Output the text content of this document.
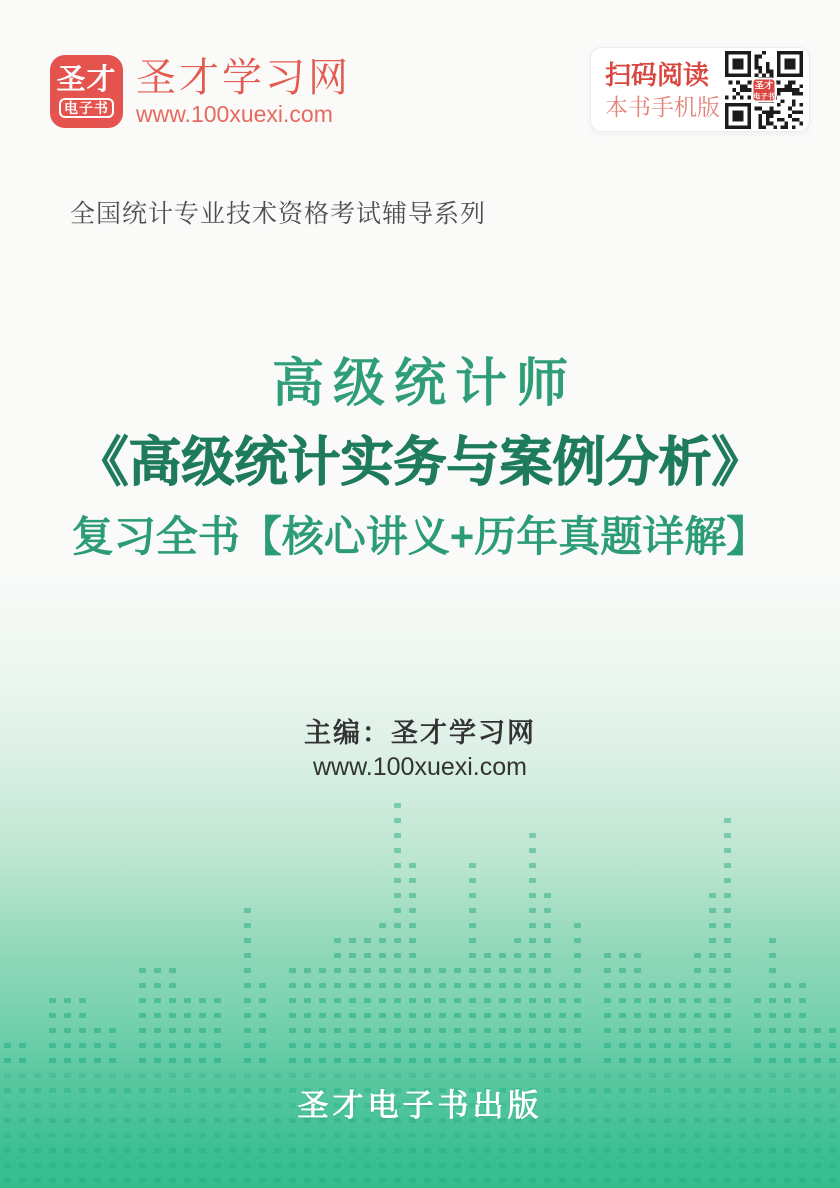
圣才
电子书
圣才学习网
www.100xuexi.com
扫码阅读
本书手机版
圣才
电子书
全国统计专业技术资格考试辅导系列
高级统计师
《高级统计实务与案例分析》
复习全书【核心讲义+历年真题详解】
主编：圣才学习网
www.100xuexi.com
圣才电子书出版
